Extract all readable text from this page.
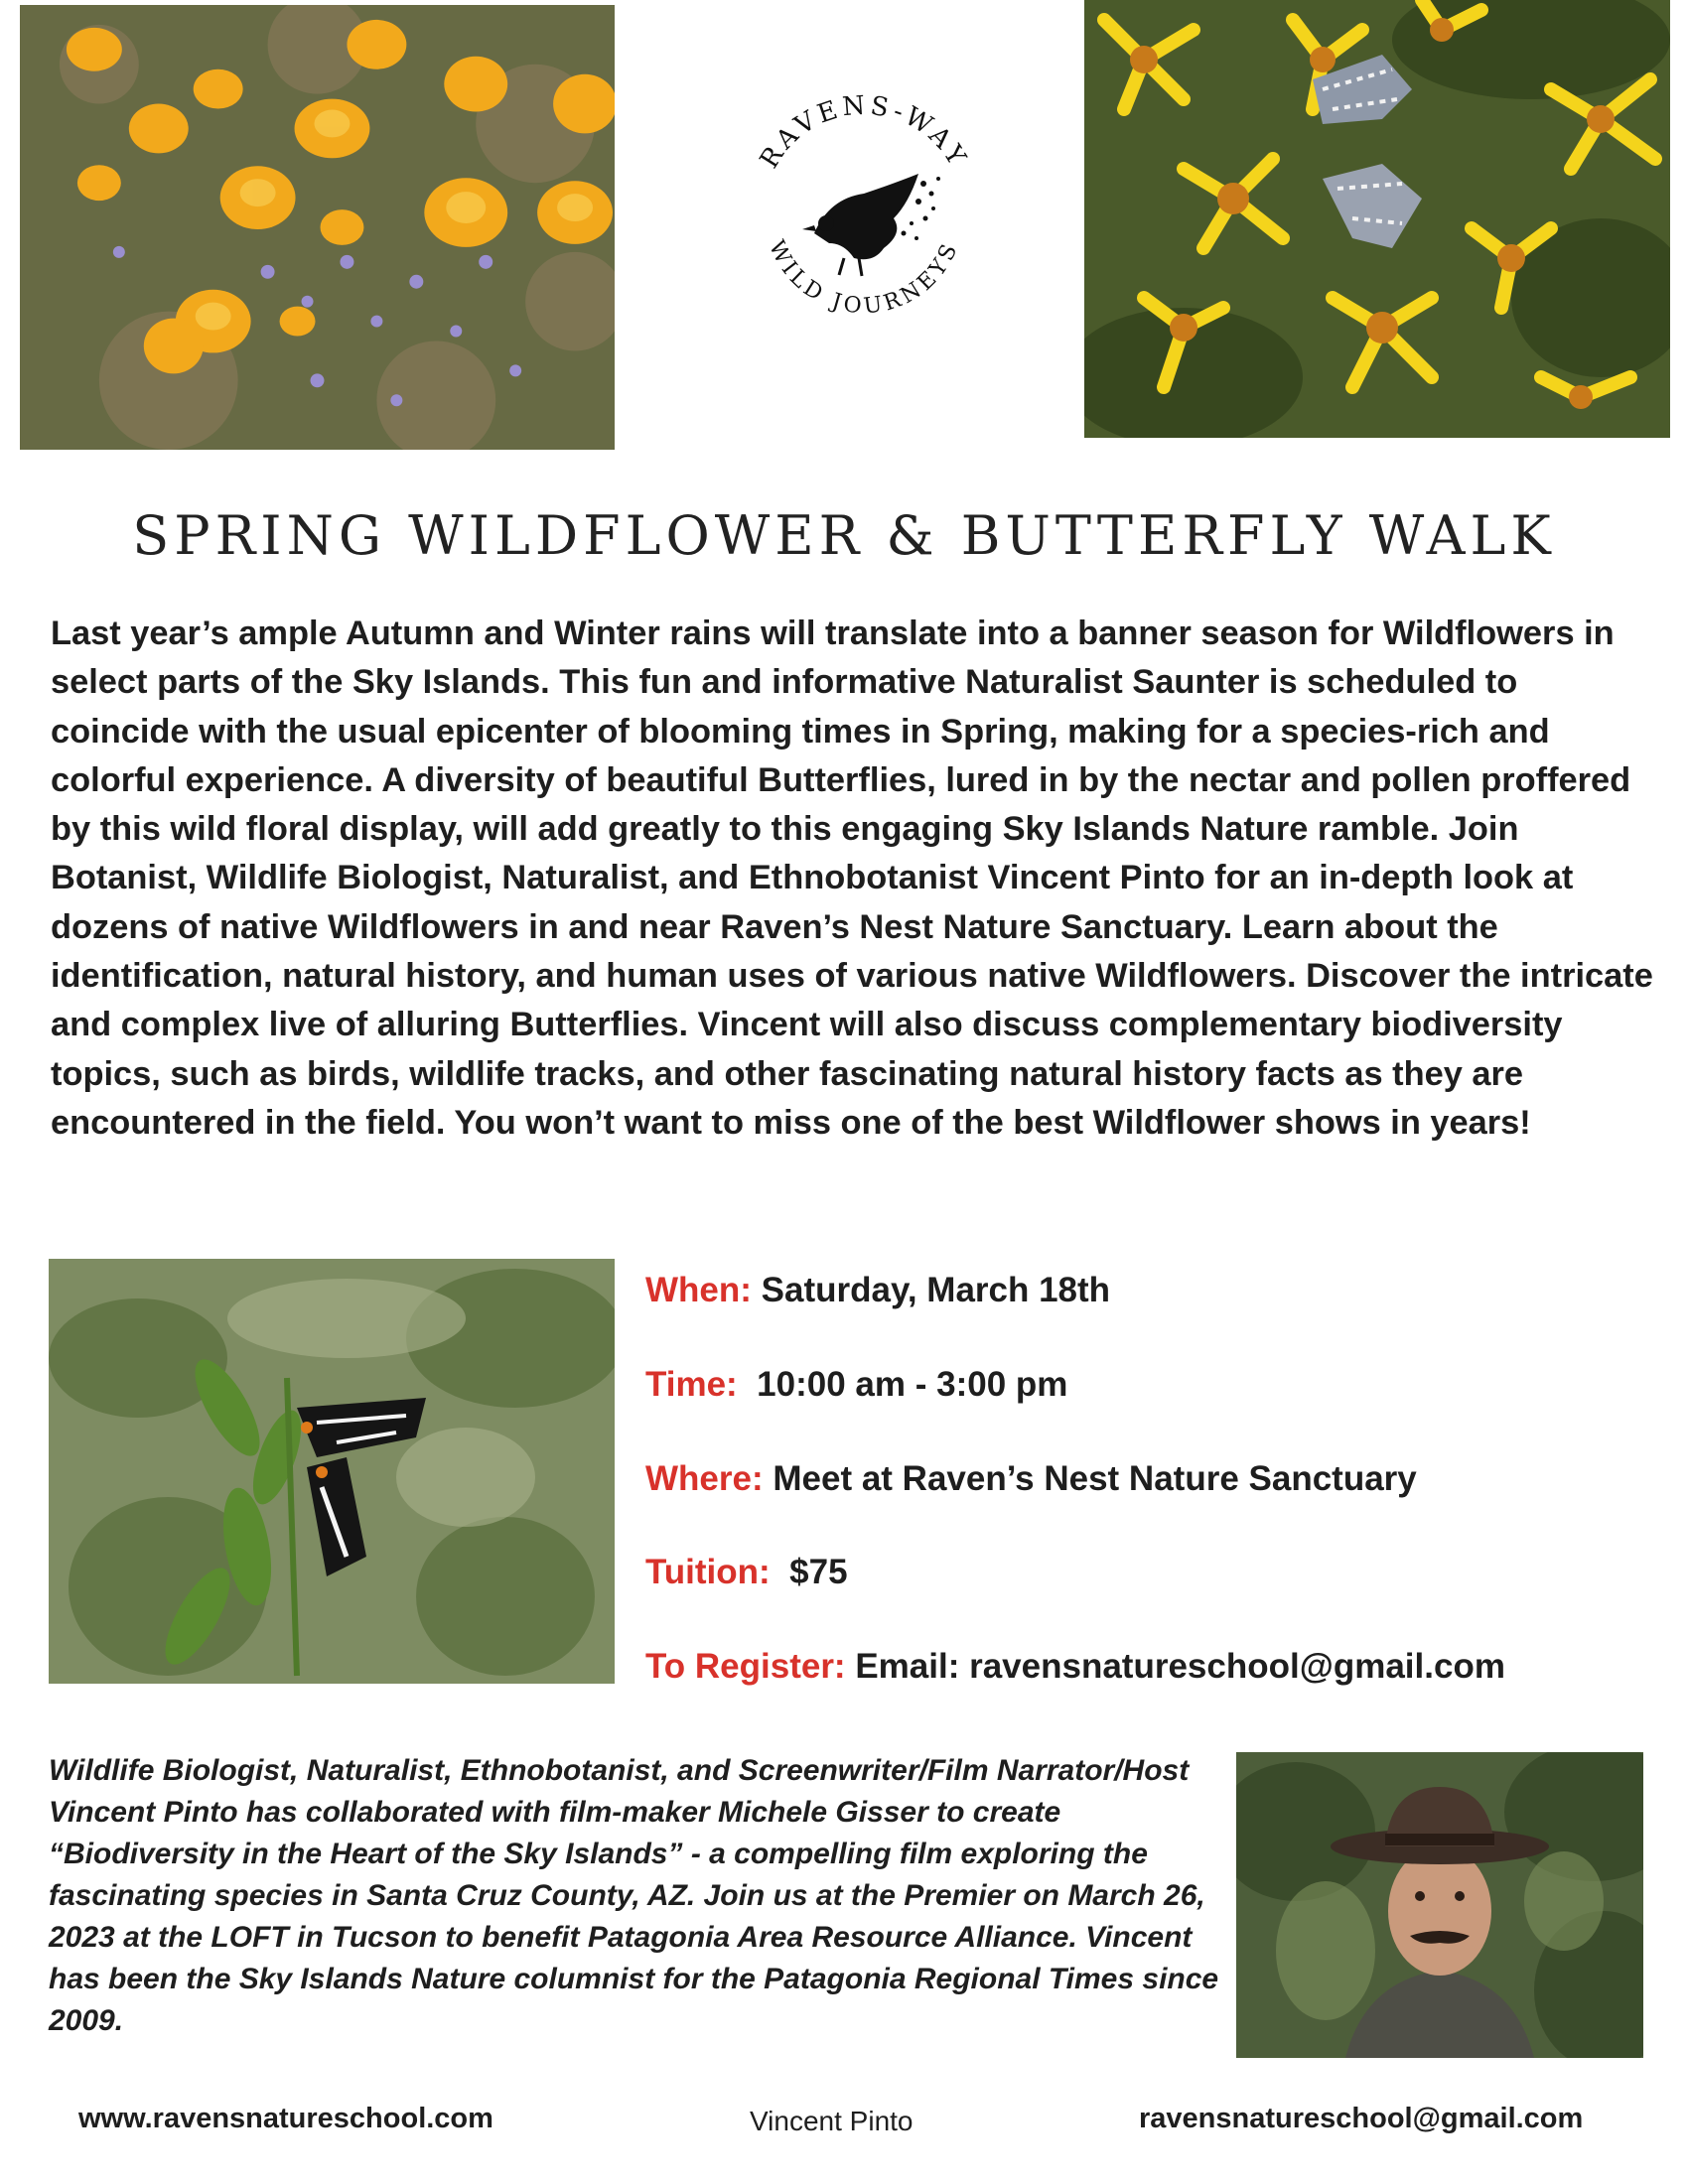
RAVENS-WAY
WILD JOURNEYS
SPRING WILDFLOWER & BUTTERFLY WALK

Last year’s ample Autumn and Winter rains will translate into a banner season for Wildflowers in select parts of the Sky Islands. This fun and informative Naturalist Saunter is scheduled to coincide with the usual epicenter of blooming times in Spring, making for a species-rich and colorful experience. A diversity of beautiful Butterflies, lured in by the nectar and pollen proffered by this wild floral display, will add greatly to this engaging Sky Islands Nature ramble. Join Botanist, Wildlife Biologist, Naturalist, and Ethnobotanist Vincent Pinto for an in-depth look at dozens of native Wildflowers in and near Raven’s Nest Nature Sanctuary. Learn about the identification, natural history, and human uses of various native Wildflowers. Discover the intricate and complex live of alluring Butterflies. Vincent will also discuss complementary biodiversity topics, such as birds, wildlife tracks, and other fascinating natural history facts as they are encountered in the field. You won’t want to miss one of the best Wildflower shows in years!

When: Saturday, March 18th
Time: 10:00 am - 3:00 pm
Where: Meet at Raven’s Nest Nature Sanctuary
Tuition: $75
To Register: Email: ravensnatureschool@gmail.com

Wildlife Biologist, Naturalist, Ethnobotanist, and Screenwriter/Film Narrator/Host Vincent Pinto has collaborated with film-maker Michele Gisser to create “Biodiversity in the Heart of the Sky Islands” - a compelling film exploring the fascinating species in Santa Cruz County, AZ. Join us at the Premier on March 26, 2023 at the LOFT in Tucson to benefit Patagonia Area Resource Alliance. Vincent has been the Sky Islands Nature columnist for the Patagonia Regional Times since 2009.

www.ravensnatureschool.com	Vincent Pinto	ravensnatureschool@gmail.com
